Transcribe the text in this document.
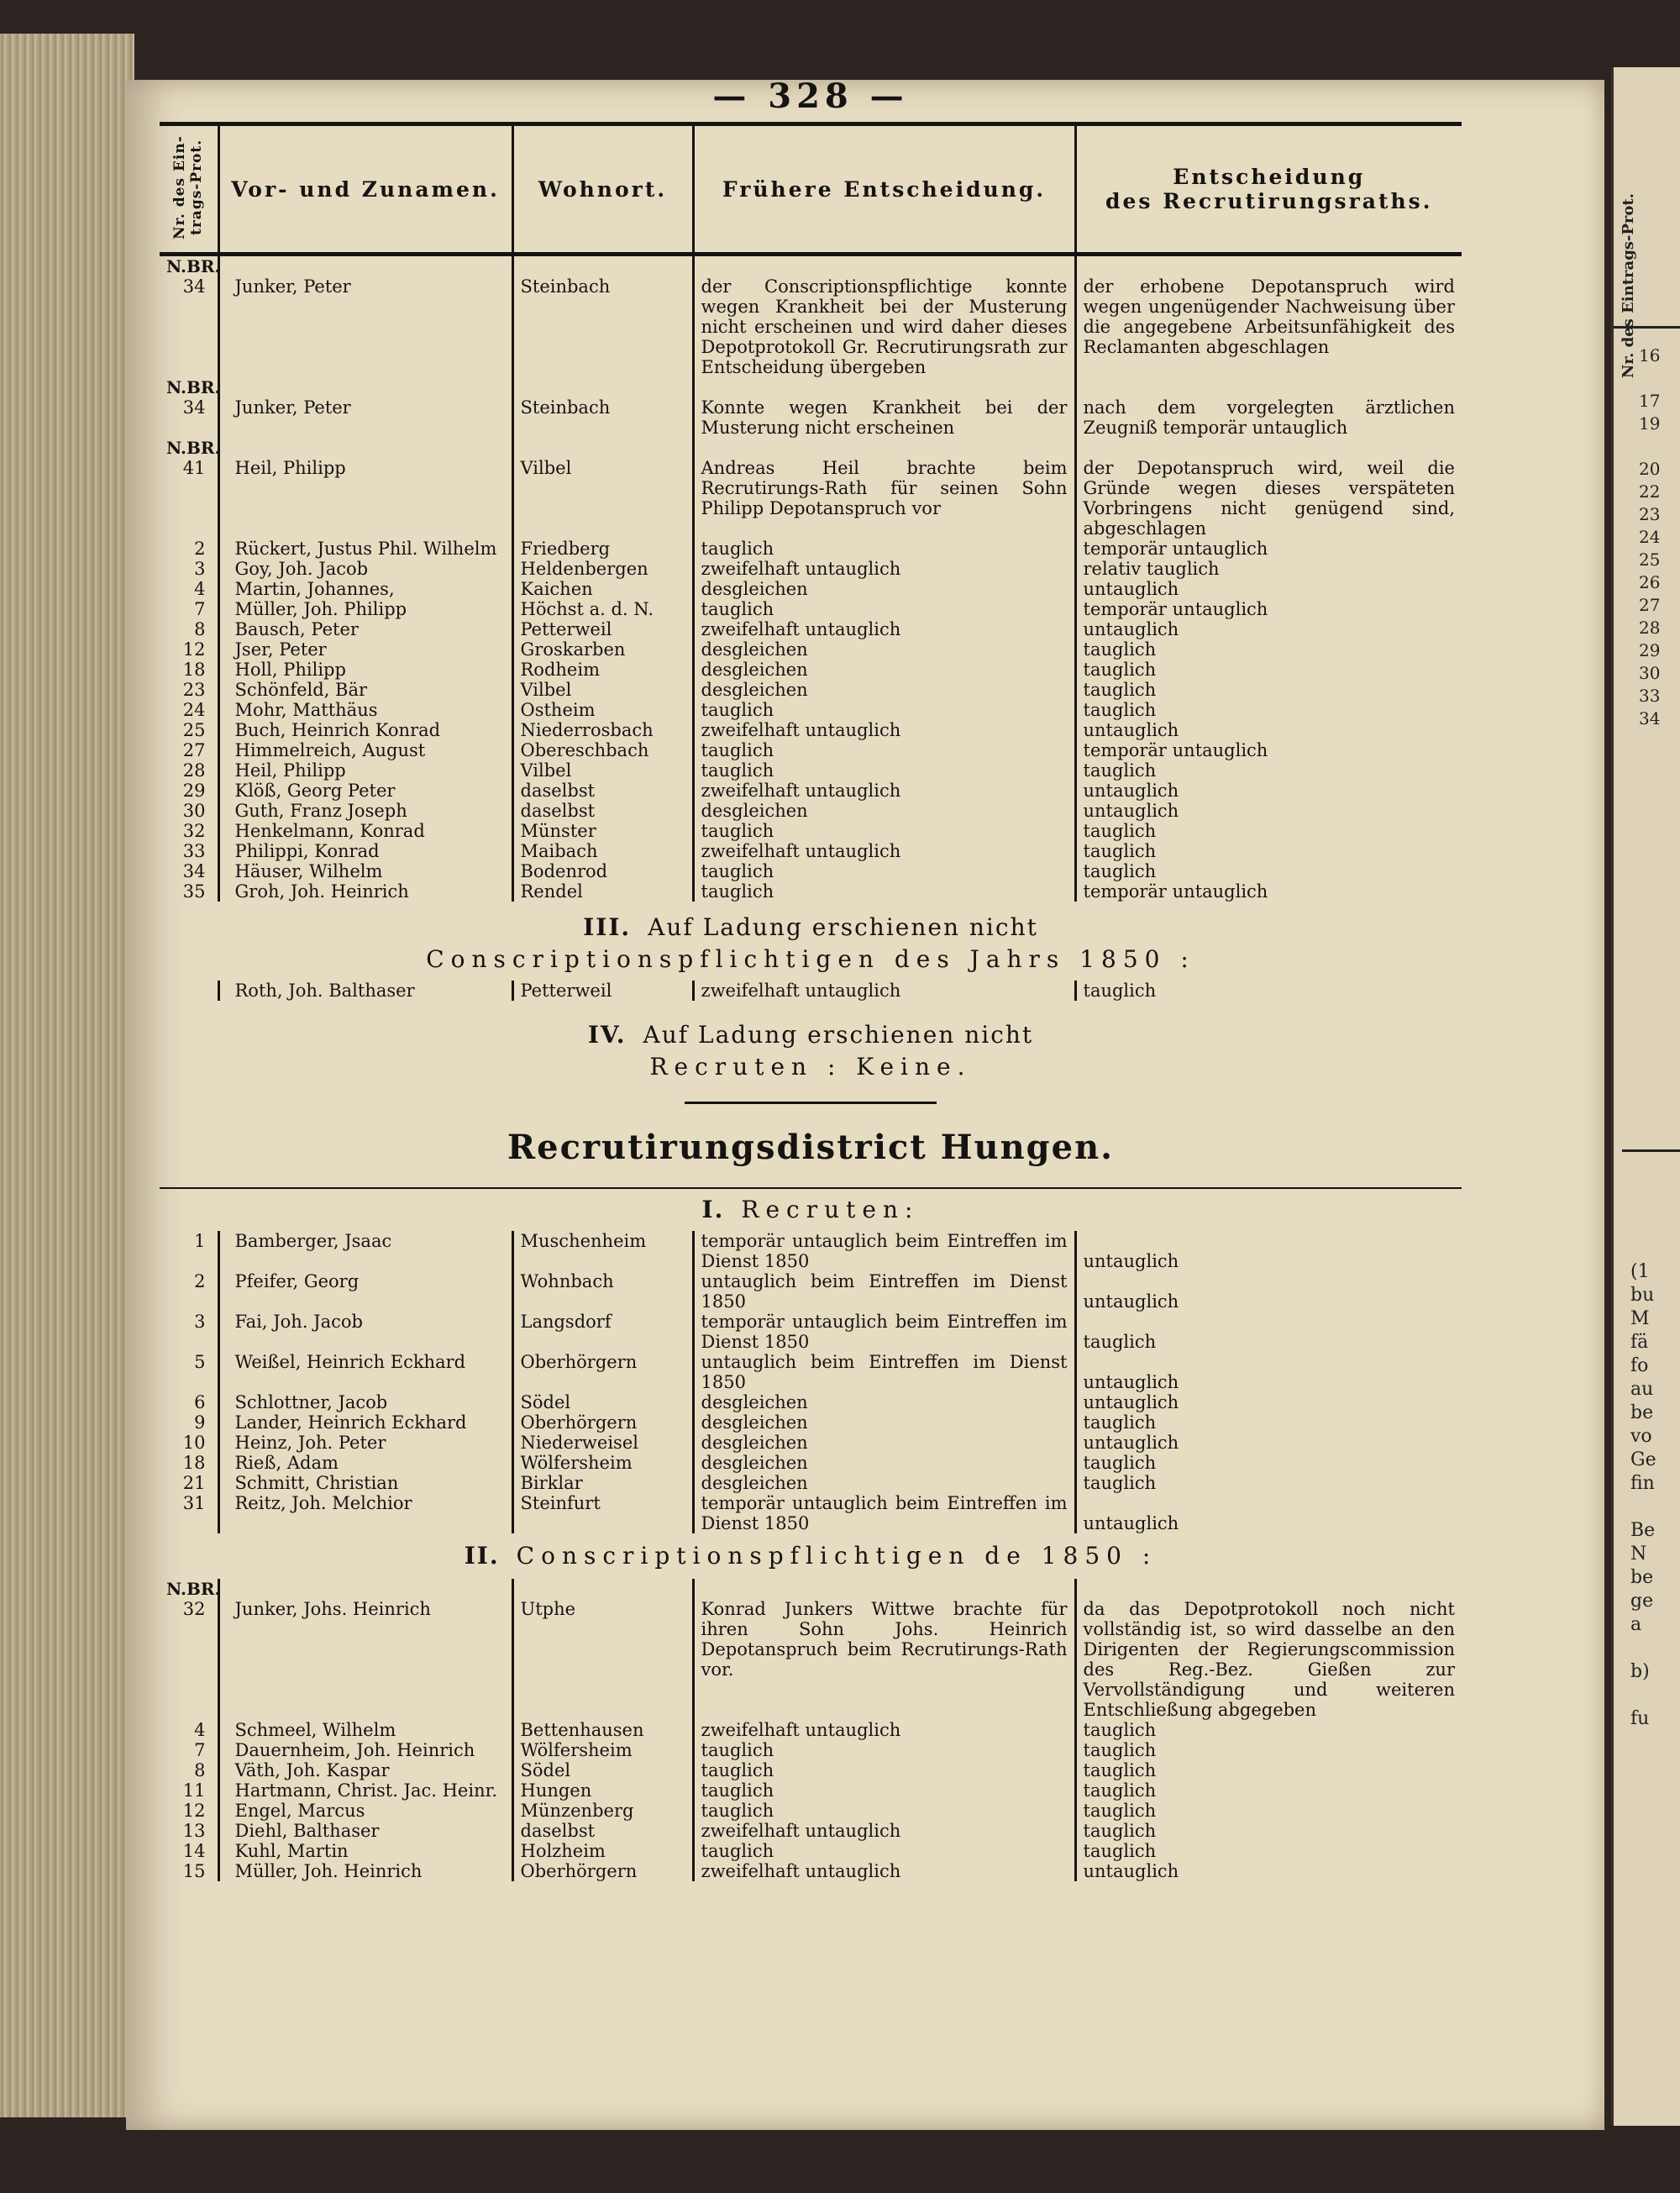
Nr. des Eintrags-Prot. 16

17
19

20
22
23
24
25
26
27
28
29
30
33
34
(1
bu
M
fä
fo
au
be
vo
Ge
fin

Be
N
be
ge
a

b)

fu
— 328 —
Nr. des Ein-trags-Prot.	Vor- und Zunamen.	Wohnort.	Frühere Entscheidung.	Entscheidung
des Recrutirungsraths.
N.BR.
34	Junker, Peter	Steinbach	der Conscriptionspflichtige konnte wegen Krankheit bei der Musterung nicht erscheinen und wird daher dieses Depotprotokoll Gr. Recrutirungsrath zur Entscheidung übergeben	der erhobene Depotanspruch wird wegen ungenügender Nachweisung über die angegebene Arbeitsunfähigkeit des Reclamanten abgeschlagen

N.BR.
34	Junker, Peter	Steinbach	Konnte wegen Krankheit bei der Musterung nicht erscheinen	nach dem vorgelegten ärztlichen Zeugniß temporär untauglich

N.BR.
41	Heil, Philipp	Vilbel	Andreas Heil brachte beim Recrutirungs-Rath für seinen Sohn Philipp Depotanspruch vor	der Depotanspruch wird, weil die Gründe wegen dieses verspäteten Vorbringens nicht genügend sind, abgeschlagen
2	Rückert, Justus Phil. Wilhelm	Friedberg	tauglich	temporär untauglich
3	Goy, Joh. Jacob	Heldenbergen	zweifelhaft untauglich	relativ tauglich
4	Martin, Johannes,	Kaichen	desgleichen	untauglich
7	Müller, Joh. Philipp	Höchst a. d. N.	tauglich	temporär untauglich
8	Bausch, Peter	Petterweil	zweifelhaft untauglich	untauglich
12	Jser, Peter	Groskarben	desgleichen	tauglich
18	Holl, Philipp	Rodheim	desgleichen	tauglich
23	Schönfeld, Bär	Vilbel	desgleichen	tauglich
24	Mohr, Matthäus	Ostheim	tauglich	tauglich
25	Buch, Heinrich Konrad	Niederrosbach	zweifelhaft untauglich	untauglich
27	Himmelreich, August	Obereschbach	tauglich	temporär untauglich
28	Heil, Philipp	Vilbel	tauglich	tauglich
29	Klöß, Georg Peter	daselbst	zweifelhaft untauglich	untauglich
30	Guth, Franz Joseph	daselbst	desgleichen	untauglich
32	Henkelmann, Konrad	Münster	tauglich	tauglich
33	Philippi, Konrad	Maibach	zweifelhaft untauglich	tauglich
34	Häuser, Wilhelm	Bodenrod	tauglich	tauglich
35	Groh, Joh. Heinrich	Rendel	tauglich	temporär untauglich
III. Auf Ladung erschienen nicht
Conscriptionspflichtigen des Jahrs 1850 :
	Roth, Joh. Balthaser	Petterweil	zweifelhaft untauglich	tauglich
IV. Auf Ladung erschienen nicht
Recruten : Keine.
Recrutirungsdistrict Hungen.
I. Recruten:
1	Bamberger, Jsaac	Muschenheim	temporär untauglich beim Eintreffen im Dienst 1850	untauglich
2	Pfeifer, Georg	Wohnbach	untauglich beim Eintreffen im Dienst 1850	untauglich
3	Fai, Joh. Jacob	Langsdorf	temporär untauglich beim Eintreffen im Dienst 1850	tauglich
5	Weißel, Heinrich Eckhard	Oberhörgern	untauglich beim Eintreffen im Dienst 1850	untauglich
6	Schlottner, Jacob	Södel	desgleichen	untauglich
9	Lander, Heinrich Eckhard	Oberhörgern	desgleichen	tauglich
10	Heinz, Joh. Peter	Niederweisel	desgleichen	untauglich
18	Rieß, Adam	Wölfersheim	desgleichen	tauglich
21	Schmitt, Christian	Birklar	desgleichen	tauglich
31	Reitz, Joh. Melchior	Steinfurt	temporär untauglich beim Eintreffen im Dienst 1850	untauglich
II. Conscriptionspflichtigen de 1850 :
N.BR.
32	Junker, Johs. Heinrich	Utphe	Konrad Junkers Wittwe brachte für ihren Sohn Johs. Heinrich Depotanspruch beim Recrutirungs-Rath vor.	da das Depotprotokoll noch nicht vollständig ist, so wird dasselbe an den Dirigenten der Regierungscommission des Reg.-Bez. Gießen zur Vervollständigung und weiteren Entschließung abgegeben
4	Schmeel, Wilhelm	Bettenhausen	zweifelhaft untauglich	tauglich
7	Dauernheim, Joh. Heinrich	Wölfersheim	tauglich	tauglich
8	Väth, Joh. Kaspar	Södel	tauglich	tauglich
11	Hartmann, Christ. Jac. Heinr.	Hungen	tauglich	tauglich
12	Engel, Marcus	Münzenberg	tauglich	tauglich
13	Diehl, Balthaser	daselbst	zweifelhaft untauglich	tauglich
14	Kuhl, Martin	Holzheim	tauglich	tauglich
15	Müller, Joh. Heinrich	Oberhörgern	zweifelhaft untauglich	untauglich
